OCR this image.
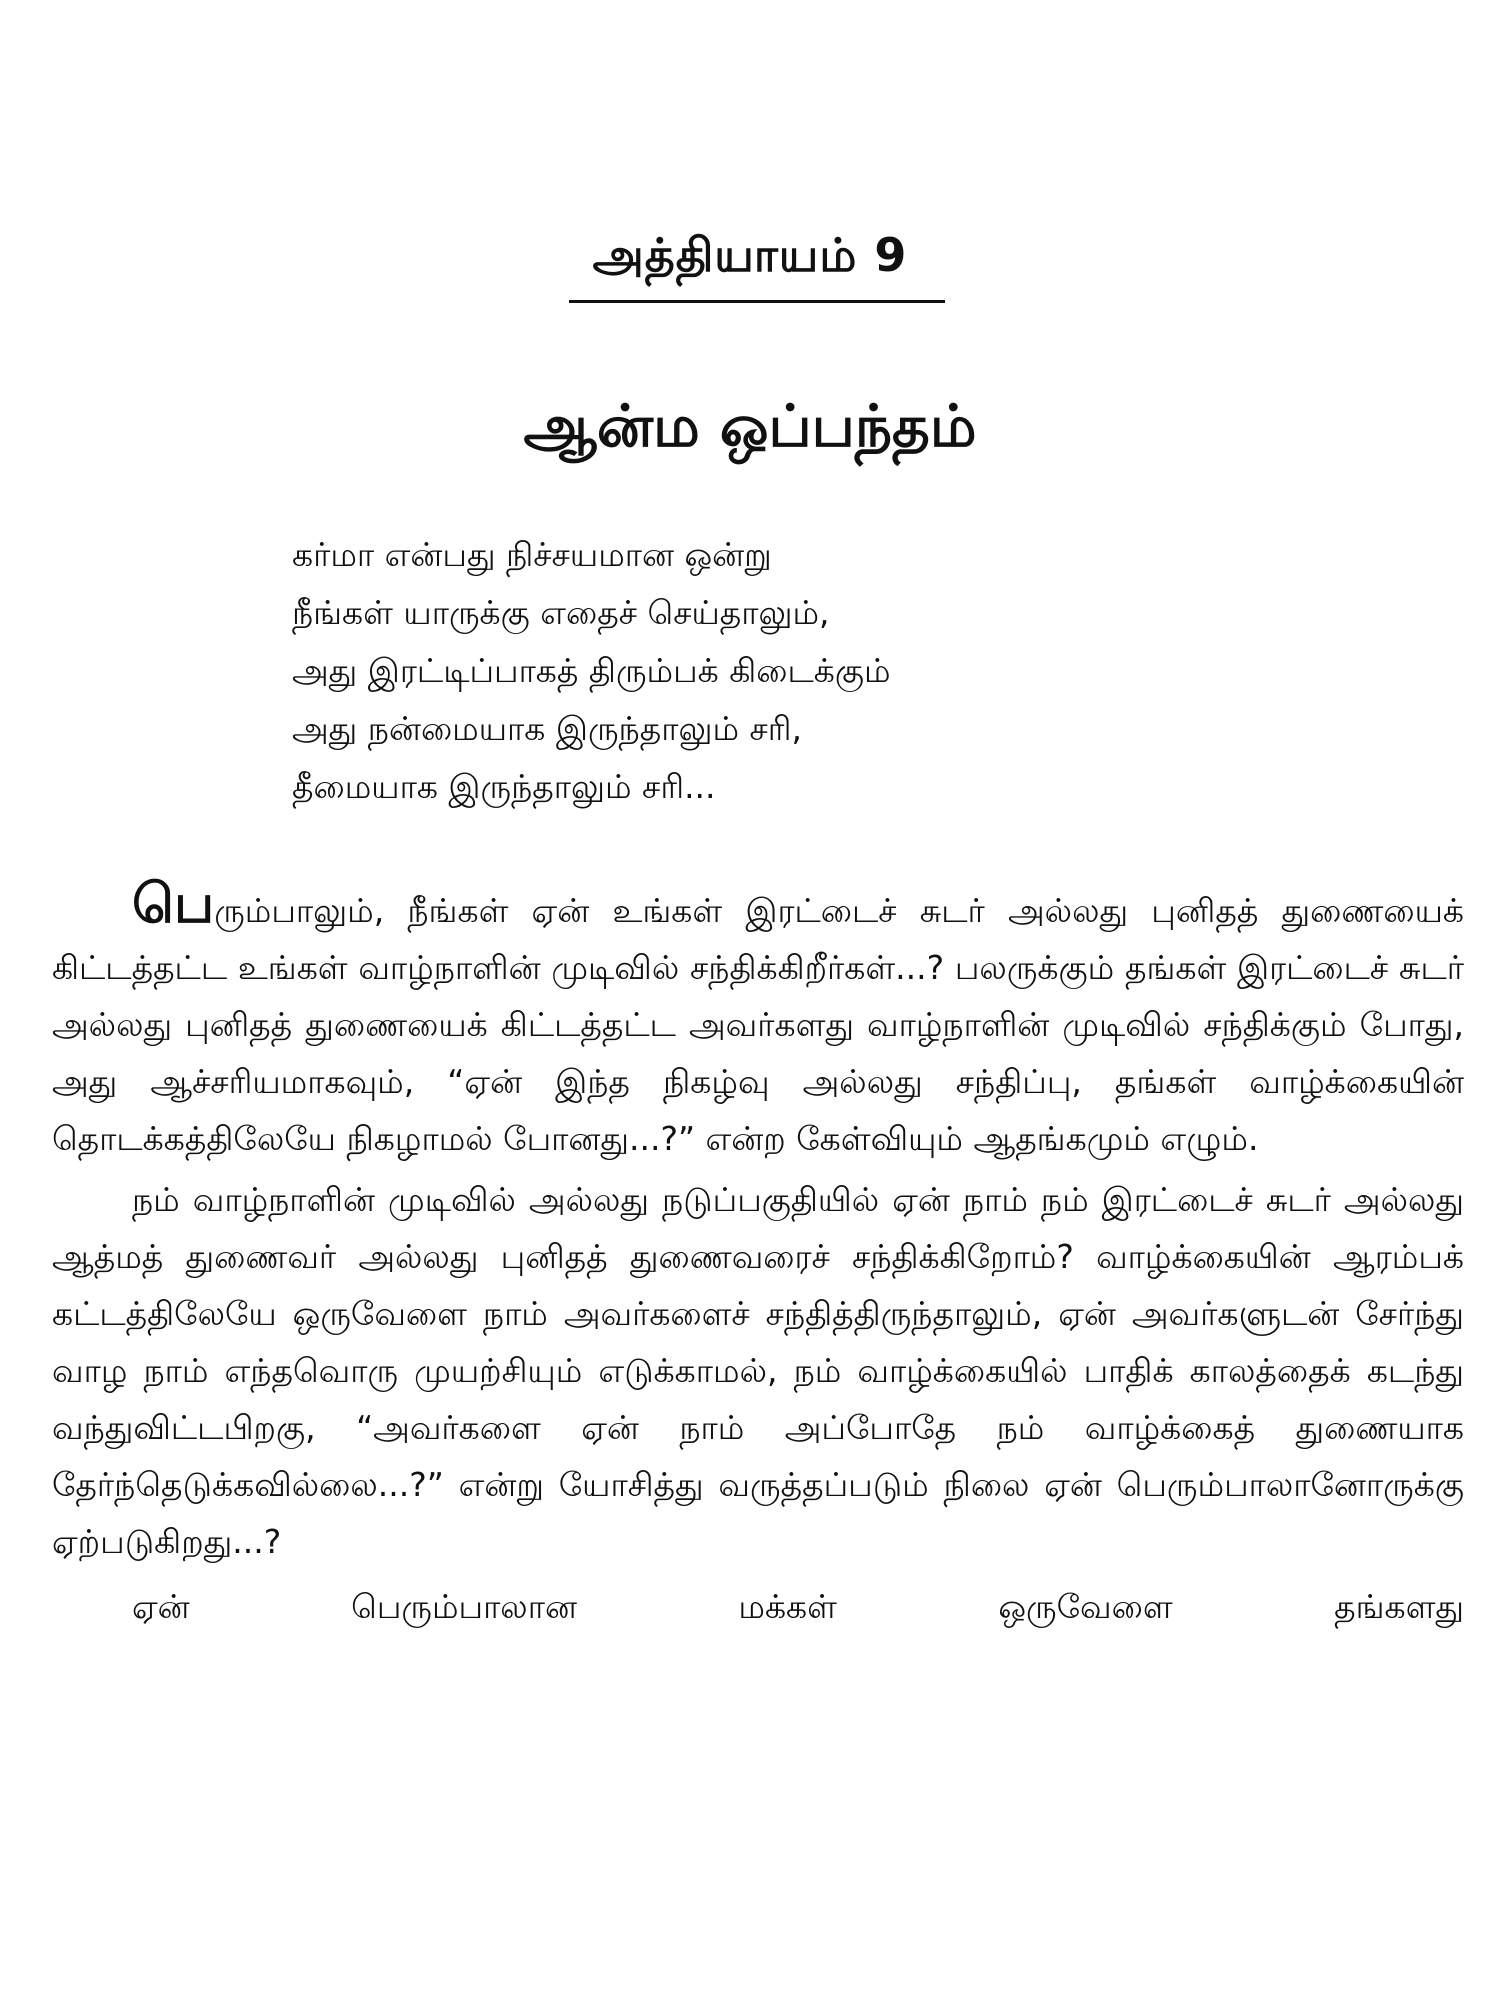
அத்தியாயம் 9
ஆன்ம ஒப்பந்தம்
கர்மா என்பது நிச்சயமான ஒன்று
நீங்கள் யாருக்கு எதைச் செய்தாலும்,
அது இரட்டிப்பாகத் திரும்பக் கிடைக்கும்
அது நன்மையாக இருந்தாலும் சரி,
தீமையாக இருந்தாலும் சரி...

பெரும்பாலும், நீங்கள் ஏன் உங்கள் இரட்டைச் சுடர் அல்லது புனிதத் துணையைக் கிட்டத்தட்ட உங்கள் வாழ்நாளின் முடிவில் சந்திக்கிறீர்கள்...? பலருக்கும் தங்கள் இரட்டைச் சுடர் அல்லது புனிதத் துணையைக் கிட்டத்தட்ட அவர்களது வாழ்நாளின் முடிவில் சந்திக்கும் போது, அது ஆச்சரியமாகவும், “ஏன் இந்த நிகழ்வு அல்லது சந்திப்பு, தங்கள் வாழ்க்கையின் தொடக்கத்திலேயே நிகழாமல் போனது...?” என்ற கேள்வியும் ஆதங்கமும் எழும்.

நம் வாழ்நாளின் முடிவில் அல்லது நடுப்பகுதியில் ஏன் நாம் நம் இரட்டைச் சுடர் அல்லது ஆத்மத் துணைவர் அல்லது புனிதத் துணைவரைச் சந்திக்கிறோம்? வாழ்க்கையின் ஆரம்பக் கட்டத்திலேயே ஒருவேளை நாம் அவர்களைச் சந்தித்திருந்தாலும், ஏன் அவர்களுடன் சேர்ந்து வாழ நாம் எந்தவொரு முயற்சியும் எடுக்காமல், நம் வாழ்க்கையில் பாதிக் காலத்தைக் கடந்து வந்துவிட்டபிறகு, “அவர்களை ஏன் நாம் அப்போதே நம் வாழ்க்கைத் துணையாக தேர்ந்தெடுக்கவில்லை...?” என்று யோசித்து வருத்தப்படும் நிலை ஏன் பெரும்பாலானோருக்கு ஏற்படுகிறது...?

ஏன் பெரும்பாலான மக்கள் ஒருவேளை தங்களது
